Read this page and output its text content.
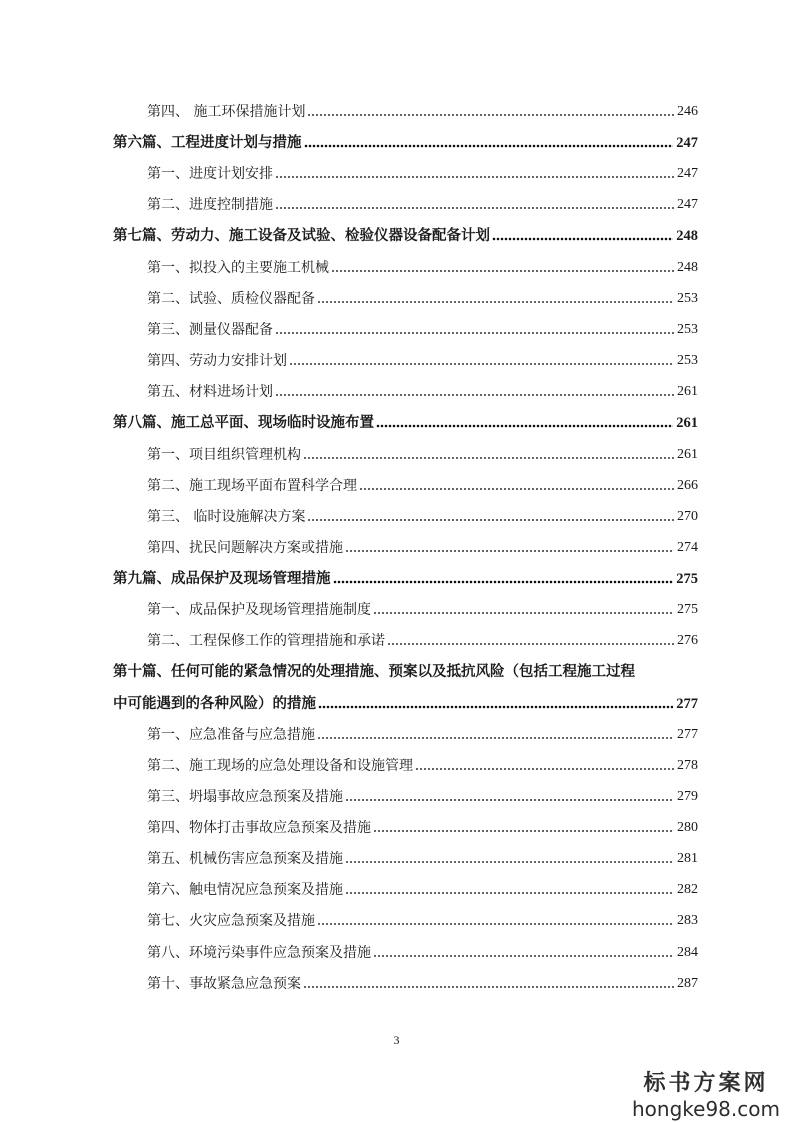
第四、 施工环保措施计划	246
第六篇、工程进度计划与措施	247
第一、进度计划安排	247
第二、进度控制措施	247
第七篇、劳动力、施工设备及试验、检验仪器设备配备计划	248
第一、拟投入的主要施工机械	248
第二、试验、质检仪器配备	253
第三、测量仪器配备	253
第四、劳动力安排计划	253
第五、材料进场计划	261
第八篇、施工总平面、现场临时设施布置	261
第一、项目组织管理机构	261
第二、施工现场平面布置科学合理	266
第三、 临时设施解决方案	270
第四、扰民问题解决方案或措施	274
第九篇、成品保护及现场管理措施	275
第一、成品保护及现场管理措施制度	275
第二、工程保修工作的管理措施和承诺	276
第十篇、任何可能的紧急情况的处理措施、预案以及抵抗风险（包括工程施工过程
中可能遇到的各种风险）的措施	277
第一、应急准备与应急措施	277
第二、施工现场的应急处理设备和设施管理	278
第三、坍塌事故应急预案及措施	279
第四、物体打击事故应急预案及措施	280
第五、机械伤害应急预案及措施	281
第六、触电情况应急预案及措施	282
第七、火灾应急预案及措施	283
第八、环境污染事件应急预案及措施	284
第十、事故紧急应急预案	287
3
标书方案网
hongke98.com
